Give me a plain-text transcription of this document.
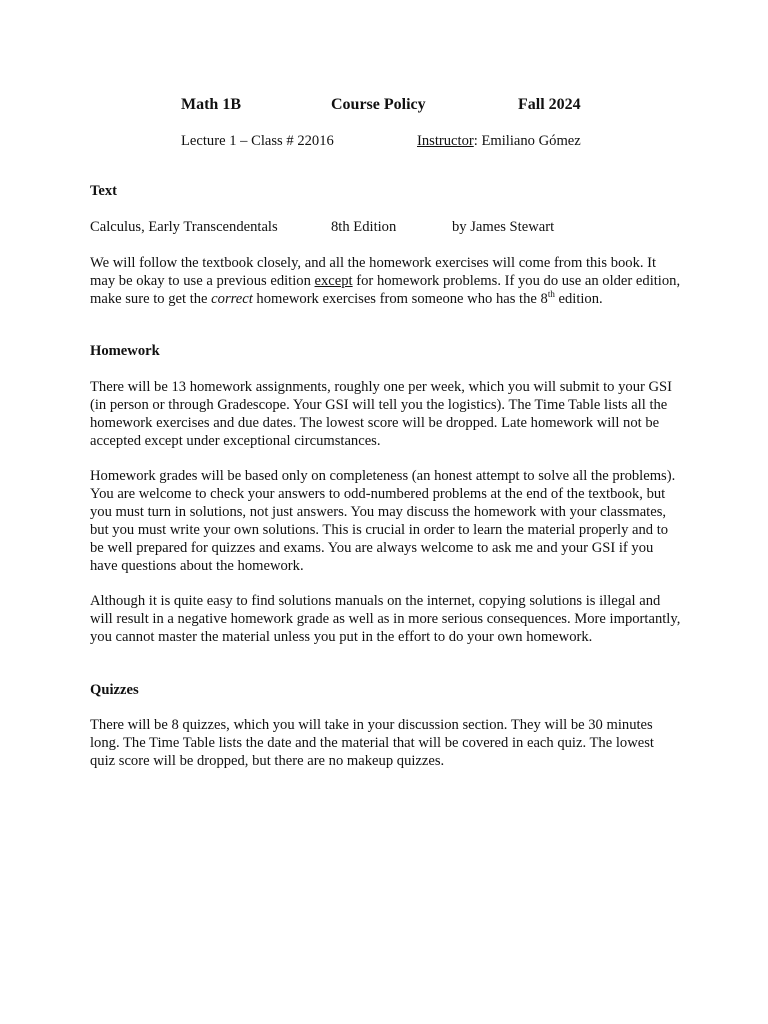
Math 1B	Course Policy	Fall 2024
Lecture 1 – Class # 22016	Instructor: Emiliano Gómez
Text
Calculus, Early Transcendentals	8th Edition	by James Stewart

We will follow the textbook closely, and all the homework exercises will come from this book. It may be okay to use a previous edition except for homework problems. If you do use an older edition, make sure to get the correct homework exercises from someone who has the 8th edition.

Homework

There will be 13 homework assignments, roughly one per week, which you will submit to your GSI (in person or through Gradescope. Your GSI will tell you the logistics). The Time Table lists all the homework exercises and due dates. The lowest score will be dropped. Late homework will not be accepted except under exceptional circumstances.

Homework grades will be based only on completeness (an honest attempt to solve all the problems). You are welcome to check your answers to odd-numbered problems at the end of the textbook, but you must turn in solutions, not just answers. You may discuss the homework with your classmates, but you must write your own solutions. This is crucial in order to learn the material properly and to be well prepared for quizzes and exams. You are always welcome to ask me and your GSI if you have questions about the homework.

Although it is quite easy to find solutions manuals on the internet, copying solutions is illegal and will result in a negative homework grade as well as in more serious consequences. More importantly, you cannot master the material unless you put in the effort to do your own homework.

Quizzes

There will be 8 quizzes, which you will take in your discussion section. They will be 30 minutes long. The Time Table lists the date and the material that will be covered in each quiz. The lowest quiz score will be dropped, but there are no makeup quizzes.
